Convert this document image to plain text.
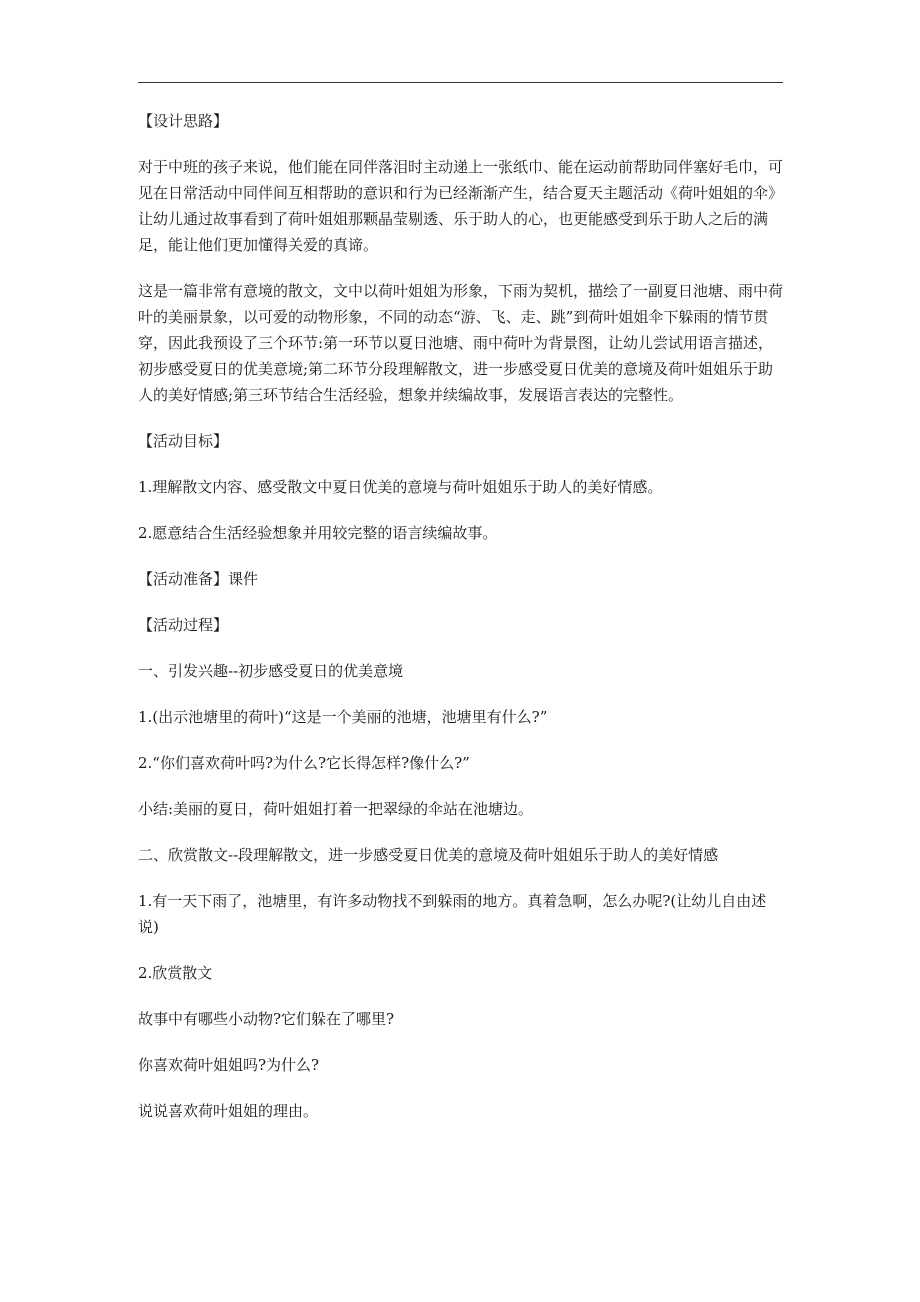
【设计思路】

对于中班的孩子来说，他们能在同伴落泪时主动递上一张纸巾、能在运动前帮助同伴塞好毛巾，可见在日常活动中同伴间互相帮助的意识和行为已经渐渐产生，结合夏天主题活动《荷叶姐姐的伞》让幼儿通过故事看到了荷叶姐姐那颗晶莹剔透、乐于助人的心，也更能感受到乐于助人之后的满足，能让他们更加懂得关爱的真谛。

这是一篇非常有意境的散文，文中以荷叶姐姐为形象，下雨为契机，描绘了一副夏日池塘、雨中荷叶的美丽景象，以可爱的动物形象，不同的动态“游、飞、走、跳”到荷叶姐姐伞下躲雨的情节贯穿，因此我预设了三个环节:第一环节以夏日池塘、雨中荷叶为背景图，让幼儿尝试用语言描述，初步感受夏日的优美意境;第二环节分段理解散文，进一步感受夏日优美的意境及荷叶姐姐乐于助人的美好情感;第三环节结合生活经验，想象并续编故事，发展语言表达的完整性。

【活动目标】

1.理解散文内容、感受散文中夏日优美的意境与荷叶姐姐乐于助人的美好情感。

2.愿意结合生活经验想象并用较完整的语言续编故事。

【活动准备】课件

【活动过程】

一、引发兴趣--初步感受夏日的优美意境

1.(出示池塘里的荷叶)“这是一个美丽的池塘，池塘里有什么?”

2.“你们喜欢荷叶吗?为什么?它长得怎样?像什么?”

小结:美丽的夏日，荷叶姐姐打着一把翠绿的伞站在池塘边。

二、欣赏散文--段理解散文，进一步感受夏日优美的意境及荷叶姐姐乐于助人的美好情感

1.有一天下雨了，池塘里，有许多动物找不到躲雨的地方。真着急啊，怎么办呢?(让幼儿自由述说)

2.欣赏散文

故事中有哪些小动物?它们躲在了哪里?

你喜欢荷叶姐姐吗?为什么?

说说喜欢荷叶姐姐的理由。
